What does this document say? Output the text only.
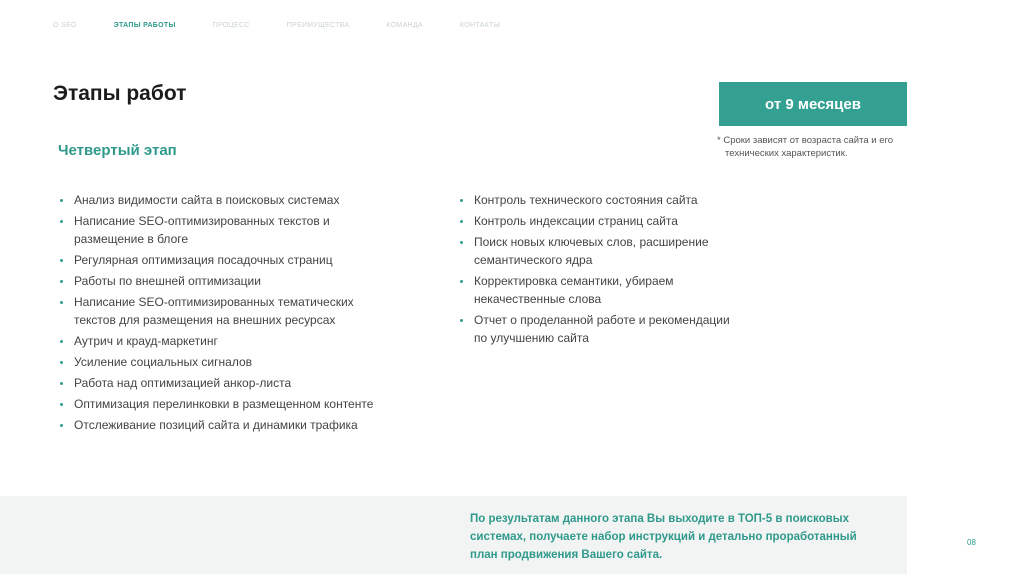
О SEO	ЭТАПЫ РАБОТЫ	ПРОЦЕСС	ПРЕИМУЩЕСТВА	КОМАНДА	КОНТАКТЫ
Этапы работ
Четвертый этап
от 9 месяцев

* Сроки зависят от возраста сайта и его
технических характеристик.

Анализ видимости сайта в поисковых системах
Написание SEO-оптимизированных текстов и
размещение в блоге
Регулярная оптимизация посадочных страниц
Работы по внешней оптимизации
Написание SEO-оптимизированных тематических
текстов для размещения на внешних ресурсах
Аутрич и крауд-маркетинг
Усиление социальных сигналов
Работа над оптимизацией анкор-листа
Оптимизация перелинковки в размещенном контенте
Отслеживание позиций сайта и динамики трафика
Контроль технического состояния сайта
Контроль индексации страниц сайта
Поиск новых ключевых слов, расширение
семантического ядра
Корректировка семантики, убираем
некачественные слова
Отчет о проделанной работе и рекомендации
по улучшению сайта

По результатам данного этапа Вы выходите в ТОП-5 в поисковых
системах, получаете набор инструкций и детально проработанный
план продвижения Вашего сайта.

08
